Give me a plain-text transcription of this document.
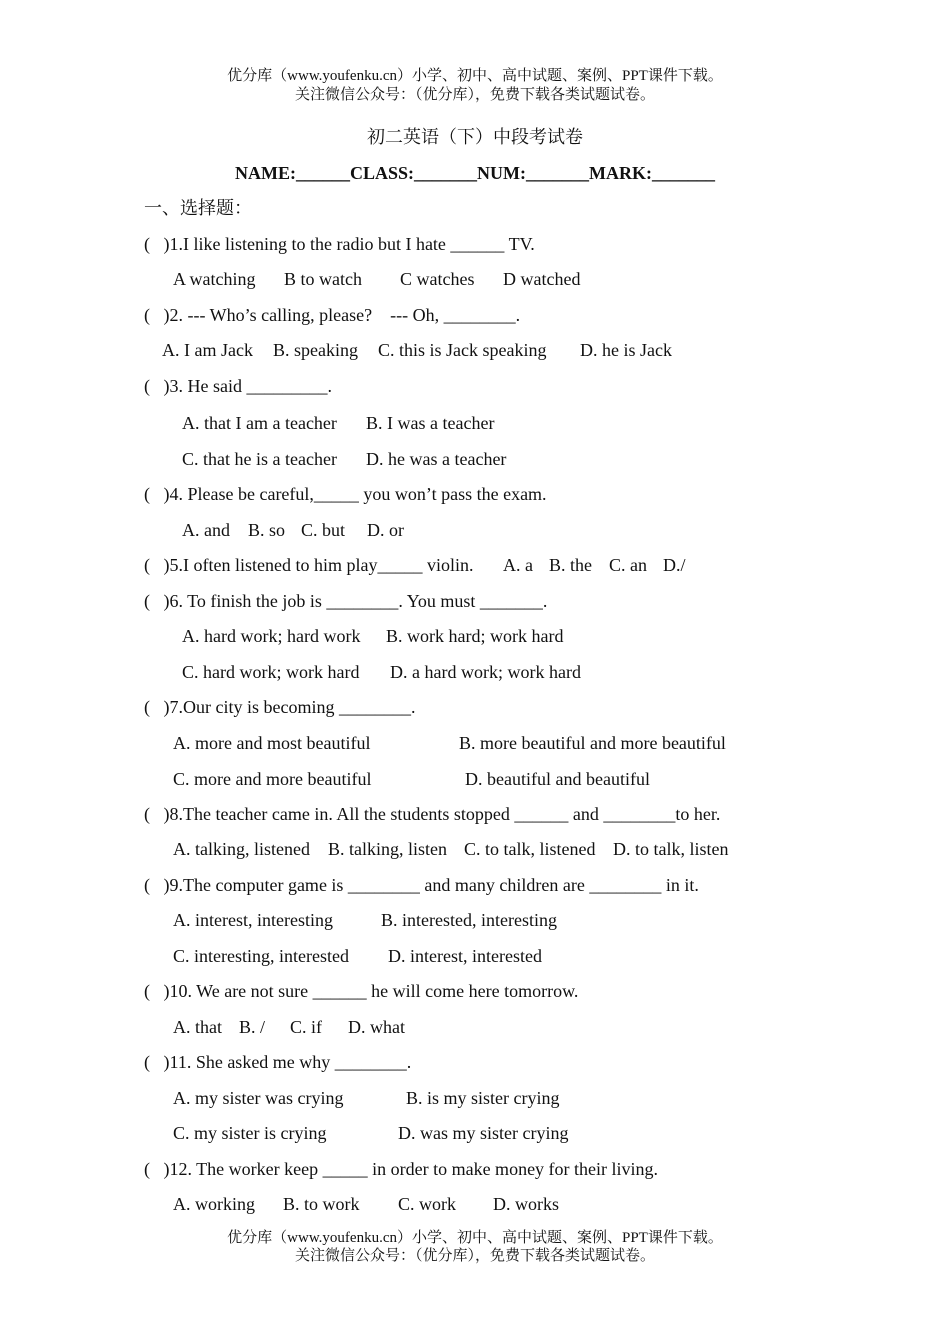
优分库（www.youfenku.cn）小学、初中、高中试题、案例、PPT课件下载。
关注微信公众号：（优分库），免费下载各类试题试卷。
初二英语（下）中段考试卷
NAME:______CLASS:_______NUM:_______MARK:_______
一、选择题：
(   )1.I like listening to the radio but I hate ______ TV.
A watching B to watch C watches D watched
(   )2. --- Who’s calling, please?    --- Oh, ________.
A. I am Jack B. speaking C. this is Jack speaking D. he is Jack
(   )3. He said _________.
A. that I am a teacher B. I was a teacher
C. that he is a teacher D. he was a teacher
(   )4. Please be careful,_____ you won’t pass the exam.
A. and B. so C. but D. or
(   )5.I often listened to him play_____ violin. A. a B. the C. an D./
(   )6. To finish the job is ________. You must _______.
A. hard work; hard work B. work hard; work hard
C. hard work; work hard D. a hard work; work hard
(   )7.Our city is becoming ________.
A. more and most beautiful	B. more beautiful and more beautiful
C. more and more beautiful	D. beautiful and beautiful
(   )8.The teacher came in. All the students stopped ______ and ________to her.
A. talking, listened B. talking, listen C. to talk, listened D. to talk, listen
(   )9.The computer game is ________ and many children are ________ in it.
A. interest, interesting	B. interested, interesting
C. interesting, interested D. interest, interested
(   )10. We are not sure ______ he will come here tomorrow.
A. that B. / C. if D. what
(   )11. She asked me why ________.
A. my sister was crying	B. is my sister crying
C. my sister is crying	D. was my sister crying
(   )12. The worker keep _____ in order to make money for their living.
A. working B. to work C. work D. works
优分库（www.youfenku.cn）小学、初中、高中试题、案例、PPT课件下载。
关注微信公众号：（优分库），免费下载各类试题试卷。
